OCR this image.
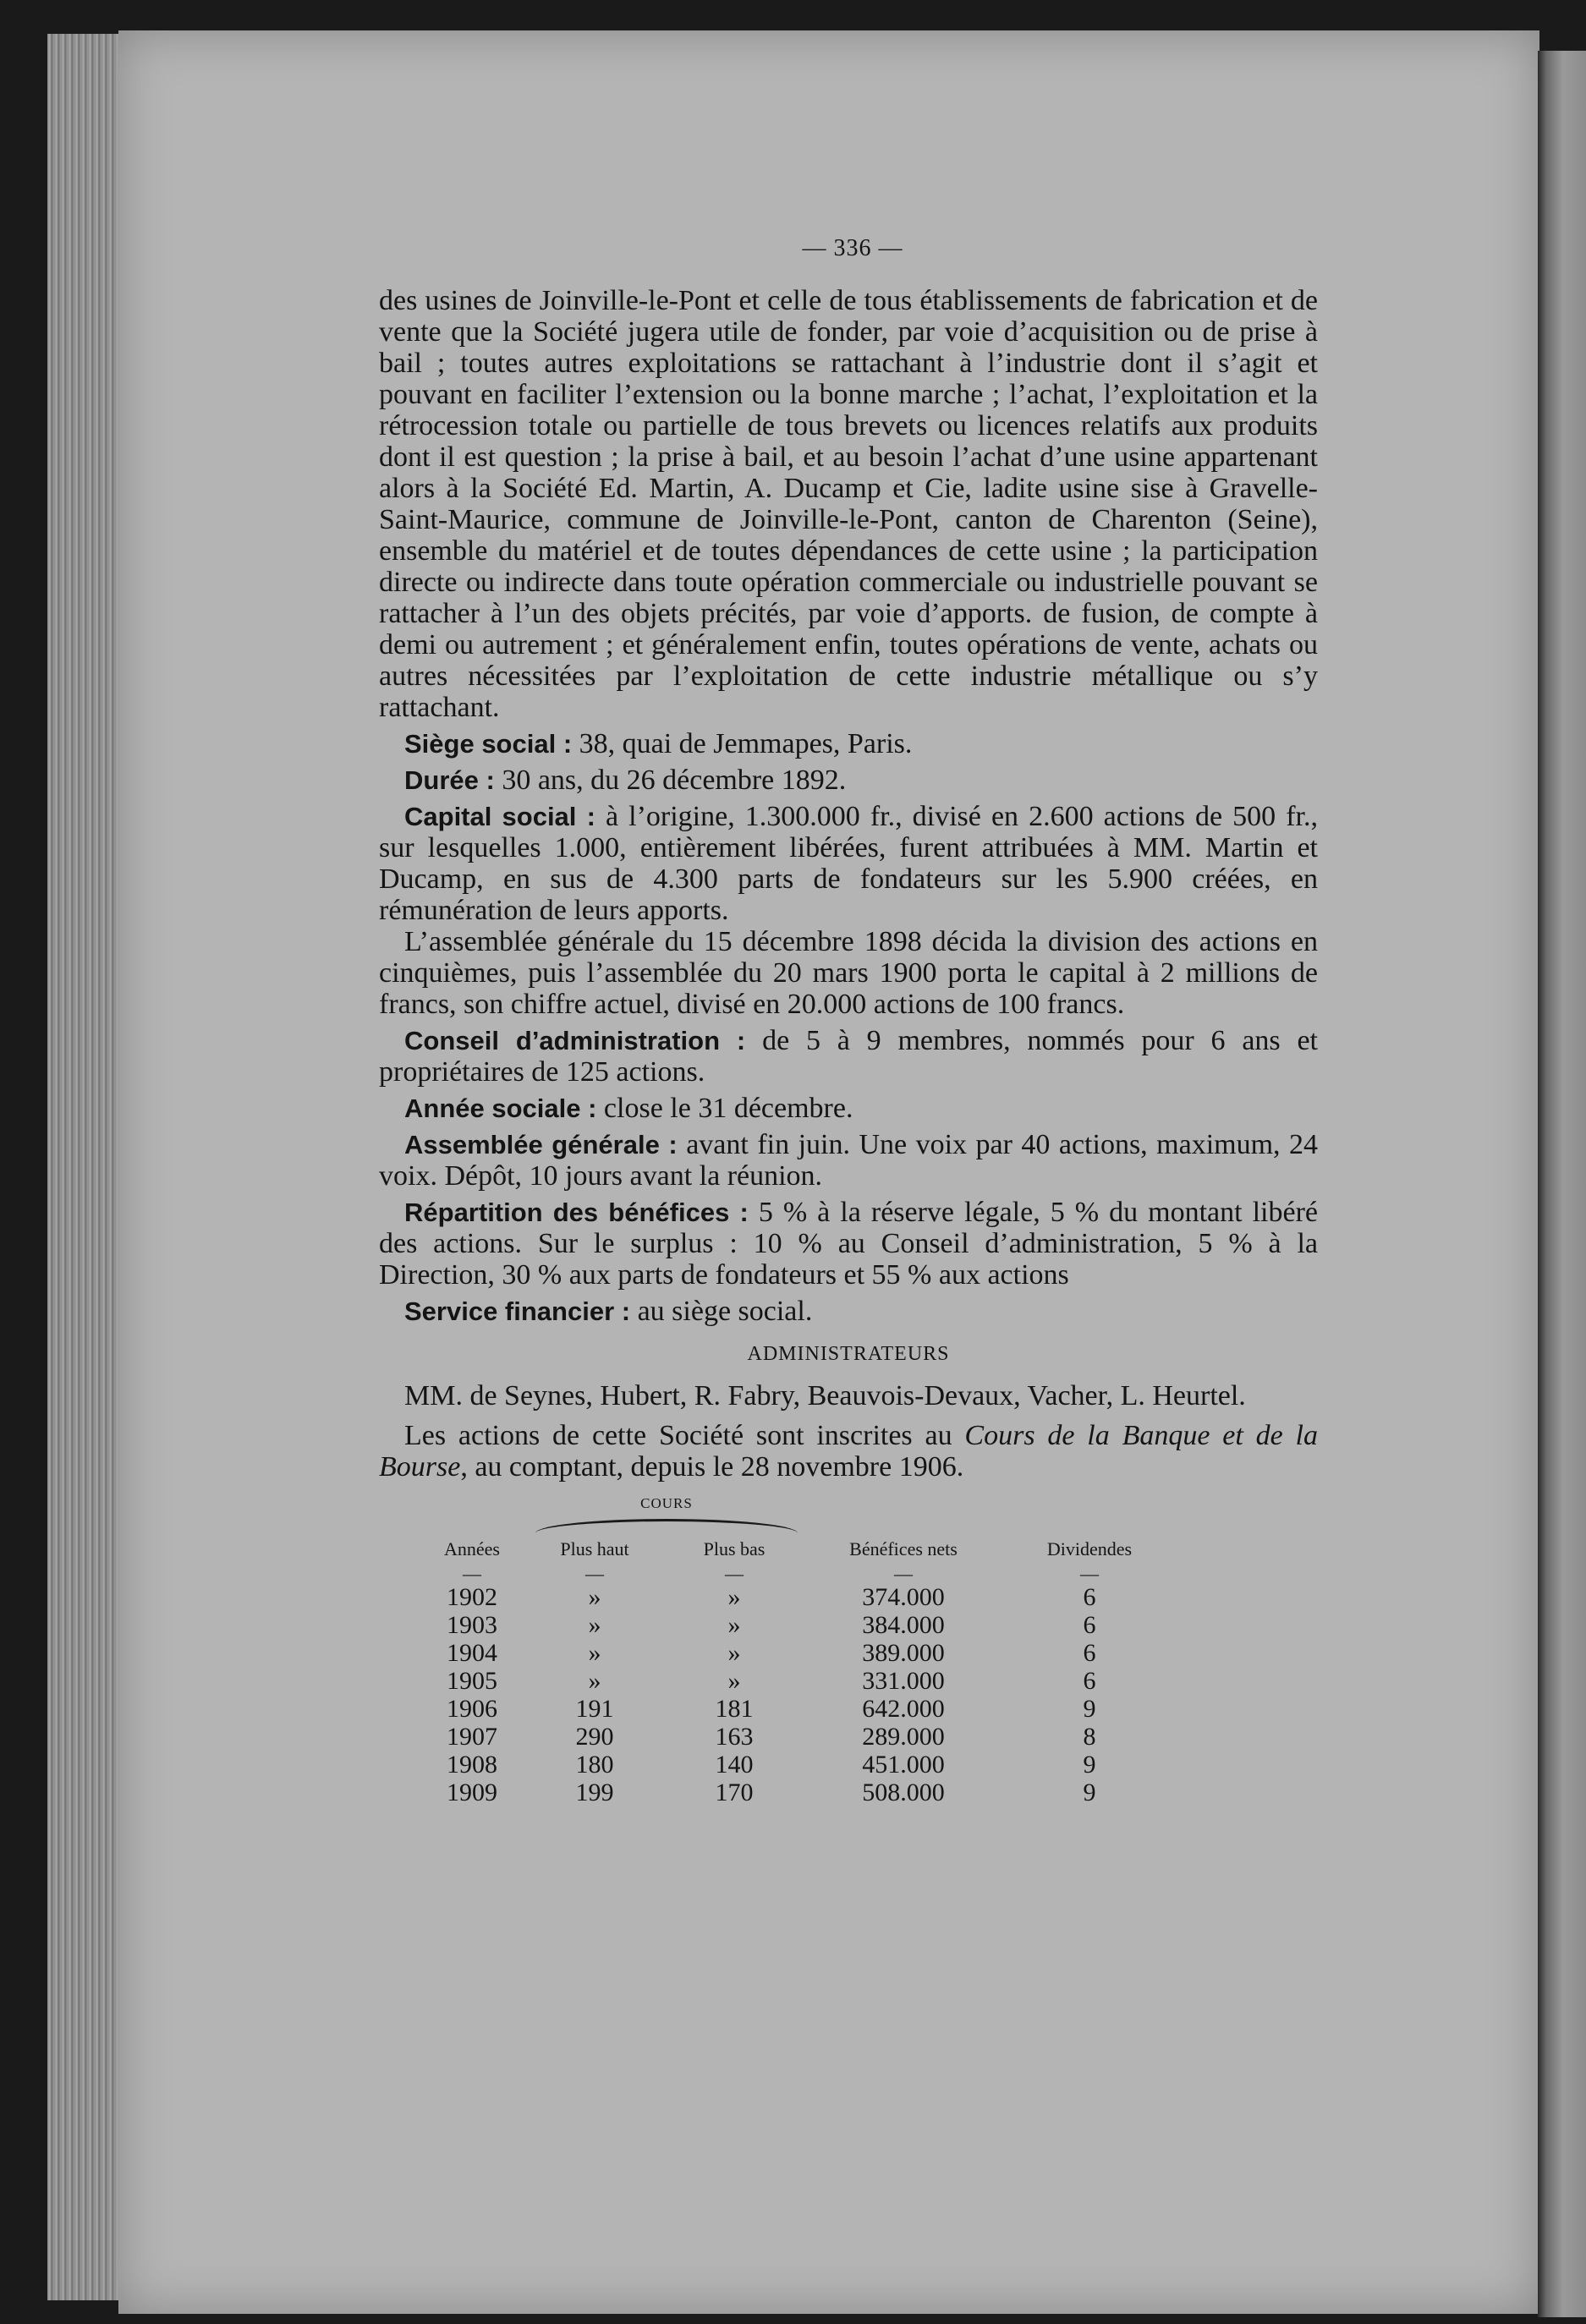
— 336 —

des usines de Joinville-le-Pont et celle de tous établissements de fabrication et de vente que la Société jugera utile de fonder, par voie d’acquisition ou de prise à bail ; toutes autres exploitations se rattachant à l’industrie dont il s’agit et pouvant en faciliter l’extension ou la bonne marche ; l’achat, l’exploitation et la rétrocession totale ou partielle de tous brevets ou licences relatifs aux produits dont il est question ; la prise à bail, et au besoin l’achat d’une usine appartenant alors à la Société Ed. Martin, A. Ducamp et Cie, ladite usine sise à Gravelle-Saint-Maurice, commune de Joinville-le-Pont, canton de Charenton (Seine), ensemble du matériel et de toutes dépendances de cette usine ; la participation directe ou indirecte dans toute opération commerciale ou industrielle pouvant se rattacher à l’un des objets précités, par voie d’apports. de fusion, de compte à demi ou autrement ; et généralement enfin, toutes opérations de vente, achats ou autres nécessitées par l’exploitation de cette industrie métallique ou s’y rattachant.

Siège social : 38, quai de Jemmapes, Paris.

Durée : 30 ans, du 26 décembre 1892.

Capital social : à l’origine, 1.300.000 fr., divisé en 2.600 actions de 500 fr., sur lesquelles 1.000, entièrement libérées, furent attribuées à MM. Martin et Ducamp, en sus de 4.300 parts de fondateurs sur les 5.900 créées, en rémunération de leurs apports.

L’assemblée générale du 15 décembre 1898 décida la division des actions en cinquièmes, puis l’assemblée du 20 mars 1900 porta le capital à 2 millions de francs, son chiffre actuel, divisé en 20.000 actions de 100 francs.

Conseil d’administration : de 5 à 9 membres, nommés pour 6 ans et propriétaires de 125 actions.

Année sociale : close le 31 décembre.

Assemblée générale : avant fin juin. Une voix par 40 actions, maximum, 24 voix. Dépôt, 10 jours avant la réunion.

Répartition des bénéfices : 5 % à la réserve légale, 5 % du montant libéré des actions. Sur le surplus : 10 % au Conseil d’administration, 5 % à la Direction, 30 % aux parts de fondateurs et 55 % aux actions

Service financier : au siège social.

ADMINISTRATEURS

MM. de Seynes, Hubert, R. Fabry, Beauvois-Devaux, Vacher, L. Heurtel.

Les actions de cette Société sont inscrites au Cours de la Banque et de la Bourse, au comptant, depuis le 28 novembre 1906.

	COURS	

Années	Plus haut	Plus bas	Bénéfices nets	Dividendes
—	—	—	—	—
1902	»	»	374.000	6
1903	»	»	384.000	6
1904	»	»	389.000	6
1905	»	»	331.000	6
1906	191	181	642.000	9
1907	290	163	289.000	8
1908	180	140	451.000	9
1909	199	170	508.000	9
